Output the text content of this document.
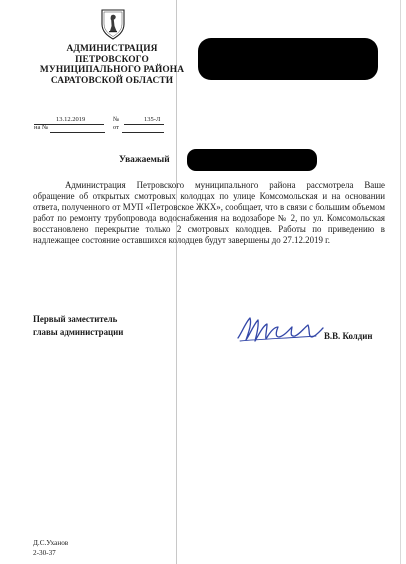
АДМИНИСТРАЦИЯ
ПЕТРОВСКОГО
МУНИЦИПАЛЬНОГО РАЙОНА
САРАТОВСКОЙ ОБЛАСТИ
13.12.2019	№	135-Л
на №	от
Уважаемый

Администрация Петровского муниципального района рассмотрела Ваше обращение об открытых смотровых колодцах по улице Комсомольская и на основании ответа, полученного от МУП «Петровское ЖКХ», сообщает, что в связи с большим объемом работ по ремонту трубопровода водоснабжения на водозаборе № 2, по ул. Комсомольская восстановлено перекрытие только 2 смотровых колодцев. Работы по приведению в надлежащее состояние оставшихся колодцев будут завершены до 27.12.2019 г.

Первый заместитель
главы администрации	В.В. Колдин
Д.С.Уханов
2-30-37
